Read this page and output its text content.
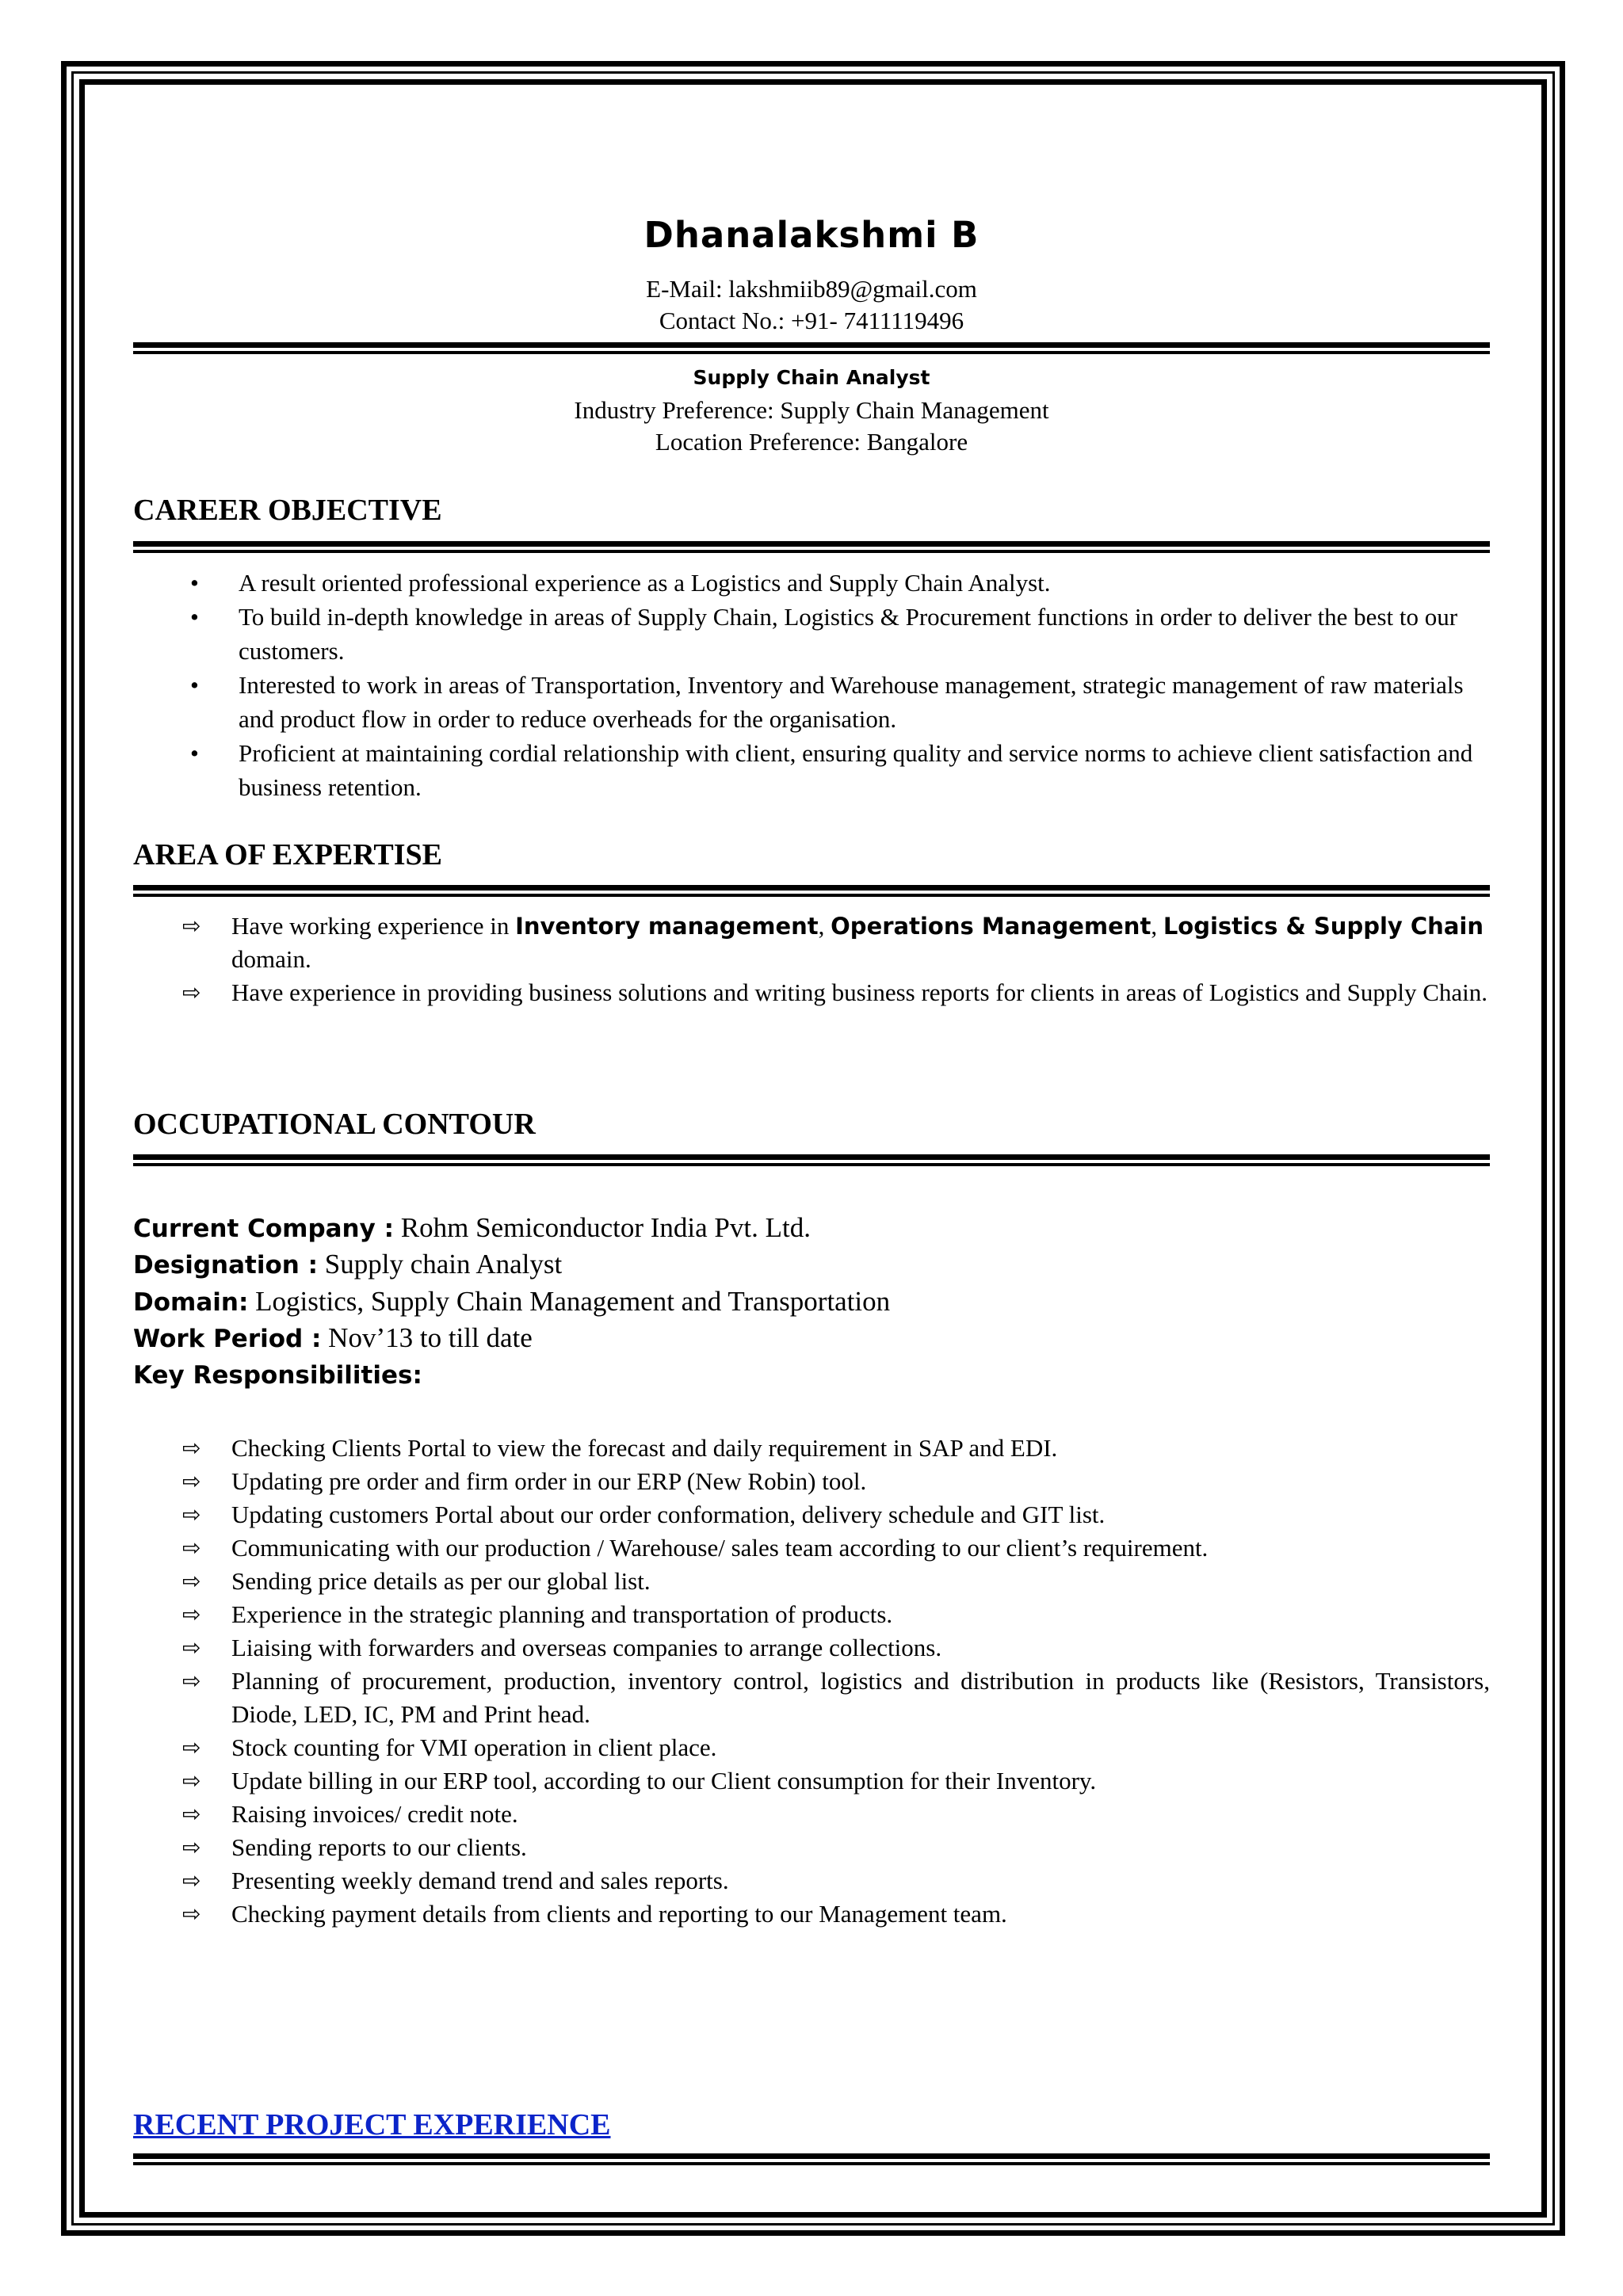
Dhanalakshmi B
E-Mail: lakshmiib89@gmail.com
Contact No.: +91- 7411119496
Supply Chain Analyst
Industry Preference: Supply Chain Management
Location Preference: Bangalore
CAREER OBJECTIVE
• A result oriented professional experience as a Logistics and Supply Chain Analyst.
• To build in-depth knowledge in areas of Supply Chain, Logistics & Procurement functions in order to deliver the best to our customers.
• Interested to work in areas of Transportation, Inventory and Warehouse management, strategic management of raw materials and product flow in order to reduce overheads for the organisation.
• Proficient at maintaining cordial relationship with client, ensuring quality and service norms to achieve client satisfaction and business retention.
AREA OF EXPERTISE
⇨ Have working experience in Inventory management, Operations Management, Logistics & Supply Chain domain.
⇨ Have experience in providing business solutions and writing business reports for clients in areas of Logistics and Supply Chain.
OCCUPATIONAL CONTOUR
Current Company : Rohm Semiconductor India Pvt. Ltd.
Designation : Supply chain Analyst
Domain: Logistics, Supply Chain Management and Transportation
Work Period : Nov’13 to till date
Key Responsibilities:
⇨ Checking Clients Portal to view the forecast and daily requirement in SAP and EDI.
⇨ Updating pre order and firm order in our ERP (New Robin) tool.
⇨ Updating customers Portal about our order conformation, delivery schedule and GIT list.
⇨ Communicating with our production / Warehouse/ sales team according to our client’s requirement.
⇨ Sending price details as per our global list.
⇨ Experience in the strategic planning and transportation of products.
⇨ Liaising with forwarders and overseas companies to arrange collections.
⇨ Planning of procurement, production, inventory control, logistics and distribution in products like (Resistors, Transistors, Diode, LED, IC, PM and Print head.
⇨ Stock counting for VMI operation in client place.
⇨ Update billing in our ERP tool, according to our Client consumption for their Inventory.
⇨ Raising invoices/ credit note.
⇨ Sending reports to our clients.
⇨ Presenting weekly demand trend and sales reports.
⇨ Checking payment details from clients and reporting to our Management team.
RECENT PROJECT EXPERIENCE
